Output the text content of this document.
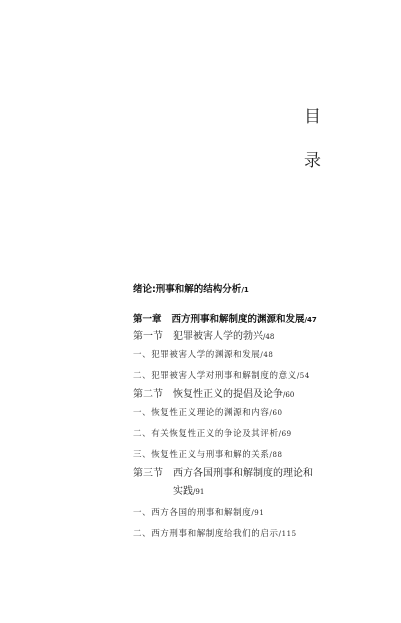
目
录
绪论:刑事和解的结构分析/1
第一章 西方刑事和解制度的渊源和发展/47
第一节 犯罪被害人学的勃兴/48
一、犯罪被害人学的渊源和发展/48
二、犯罪被害人学对刑事和解制度的意义/54
第二节 恢复性正义的提倡及论争/60
一、恢复性正义理论的渊源和内容/60
二、有关恢复性正义的争论及其评析/69
三、恢复性正义与刑事和解的关系/88
第三节 西方各国刑事和解制度的理论和
实践/91
一、西方各国的刑事和解制度/91
二、西方刑事和解制度给我们的启示/115
